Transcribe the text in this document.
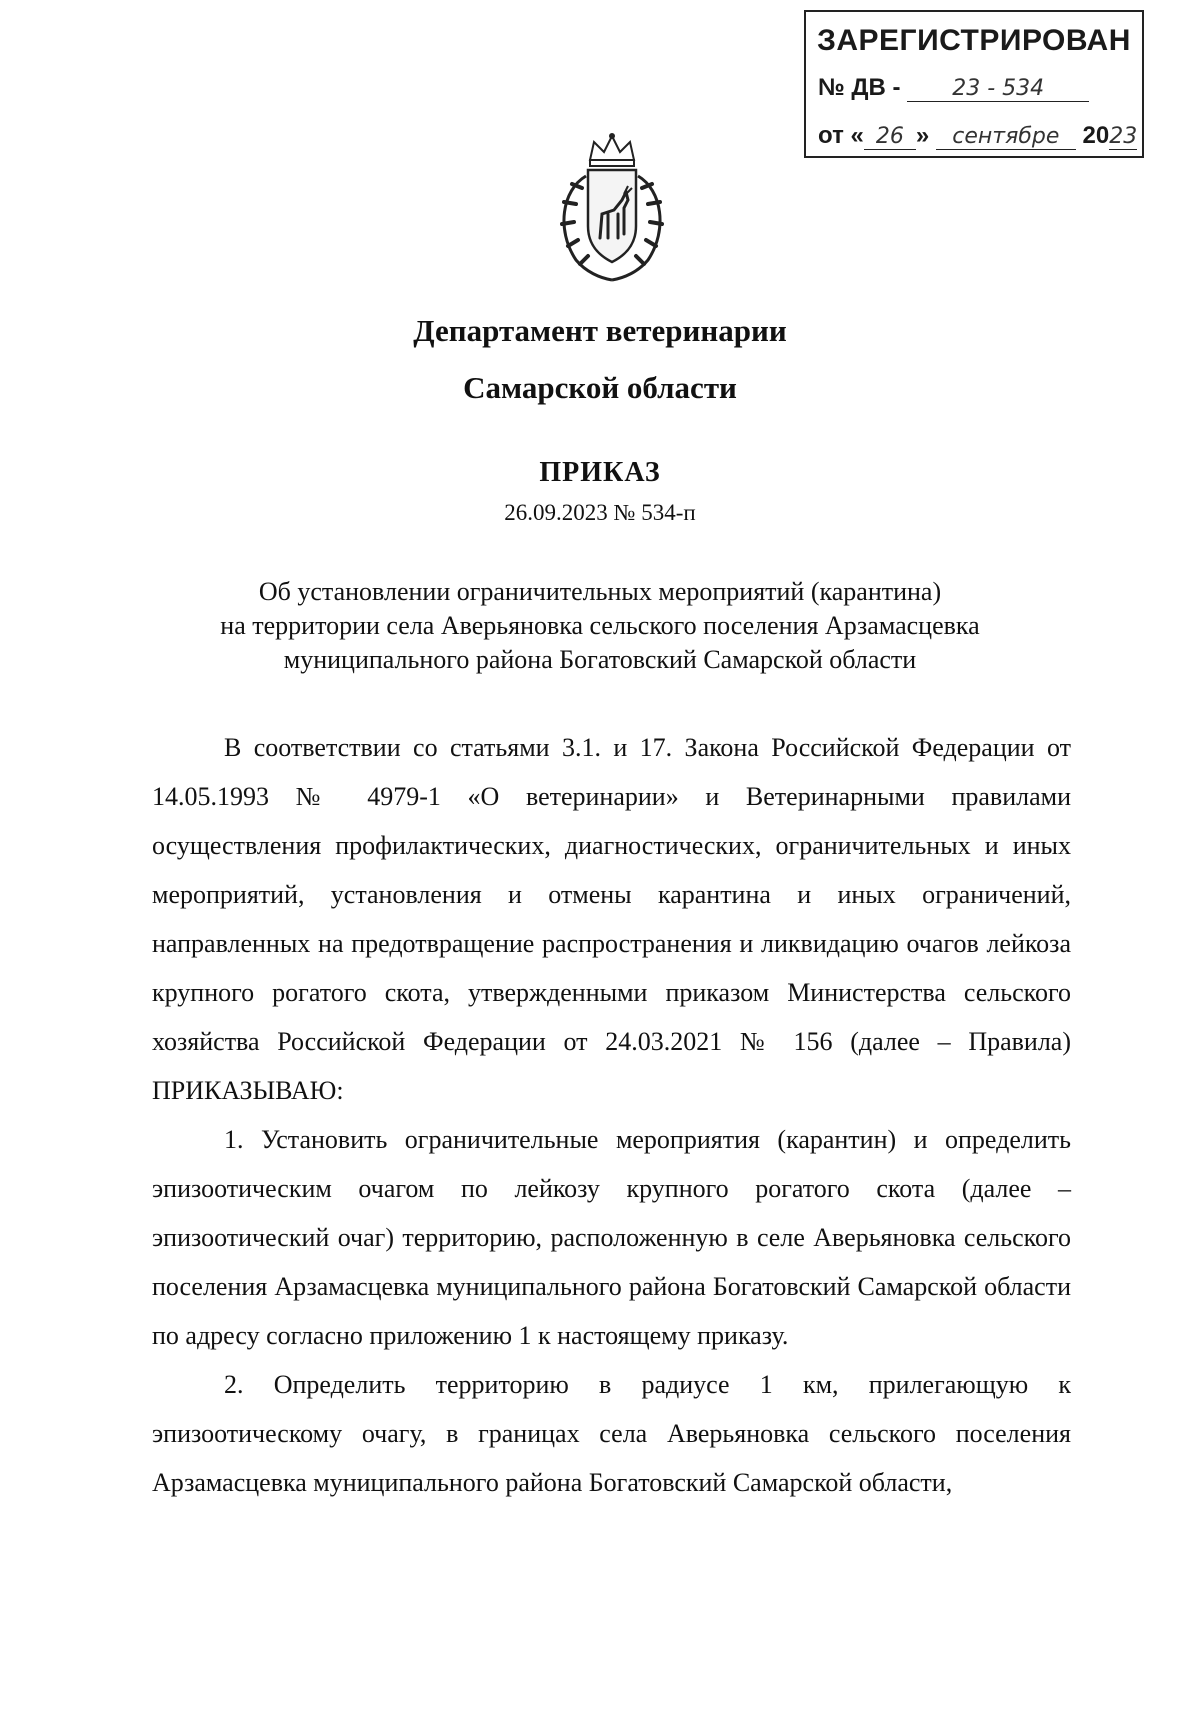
ЗАРЕГИСТРИРОВАН
№ ДВ - 23 - 534
от « 26 » сентябре 2023
Департамент ветеринарии
Самарской области
ПРИКАЗ
26.09.2023 № 534-п
Об установлении ограничительных мероприятий (карантина)
на территории села Аверьяновка сельского поселения Арзамасцевка
муниципального района Богатовский Самарской области

В соответствии со статьями 3.1. и 17. Закона Российской Федерации от 14.05.1993 № 4979-1 «О ветеринарии» и Ветеринарными правилами осуществления профилактических, диагностических, ограничительных и иных мероприятий, установления и отмены карантина и иных ограничений, направленных на предотвращение распространения и ликвидацию очагов лейкоза крупного рогатого скота, утвержденными приказом Министерства сельского хозяйства Российской Федерации от 24.03.2021 № 156 (далее – Правила) ПРИКАЗЫВАЮ:

1. Установить ограничительные мероприятия (карантин) и определить эпизоотическим очагом по лейкозу крупного рогатого скота (далее – эпизоотический очаг) территорию, расположенную в селе Аверьяновка сельского поселения Арзамасцевка муниципального района Богатовский Самарской области по адресу согласно приложению 1 к настоящему приказу.

2. Определить территорию в радиусе 1 км, прилегающую к эпизоотическому очагу, в границах села Аверьяновка сельского поселения Арзамасцевка муниципального района Богатовский Самарской области,
